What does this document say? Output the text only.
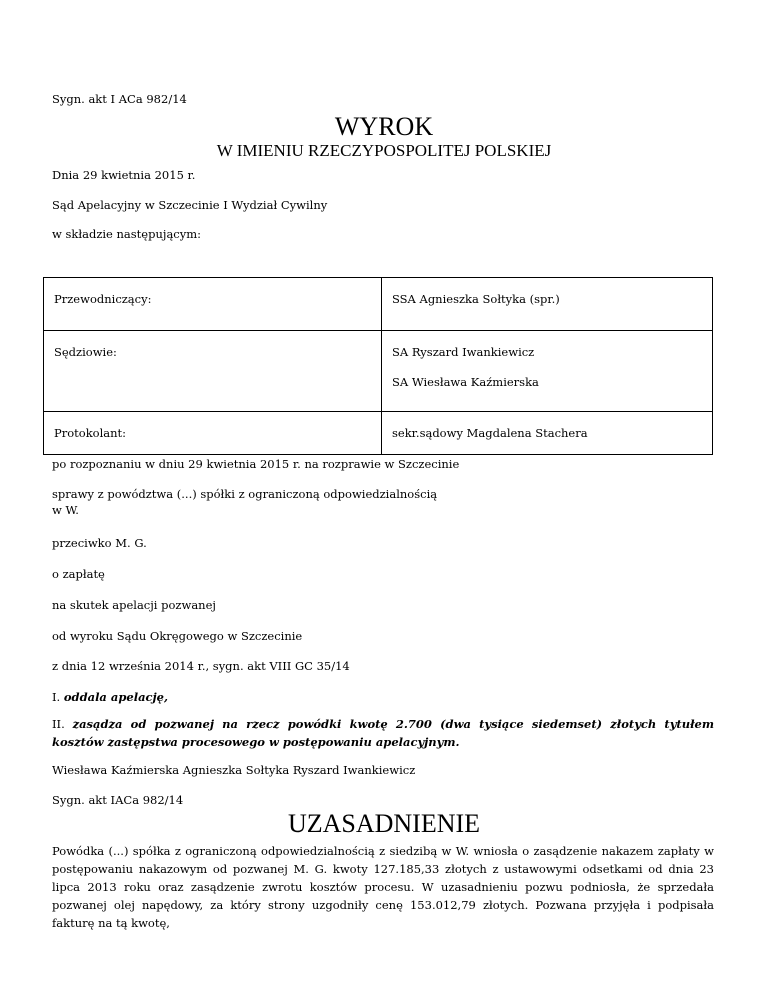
Sygn. akt I ACa 982/14
WYROK
W IMIENIU RZECZYPOSPOLITEJ POLSKIEJ
Dnia 29 kwietnia 2015 r.
Sąd Apelacyjny w Szczecinie I Wydział Cywilny
w składzie następującym:
Przewodniczący:	SSA Agnieszka Sołtyka (spr.)

Sędziowie:	SA Ryszard Iwankiewicz
SA Wiesława Kaźmierska

Protokolant:	sekr.sądowy Magdalena Stachera
po rozpoznaniu w dniu 29 kwietnia 2015 r. na rozprawie w Szczecinie
sprawy z powództwa (...) spółki z ograniczoną odpowiedzialnością
w W.
przeciwko M. G.
o zapłatę
na skutek apelacji pozwanej
od wyroku Sądu Okręgowego w Szczecinie
z dnia 12 września 2014 r., sygn. akt VIII GC 35/14
I. oddala apelację,
II. zasądza od pozwanej na rzecz powódki kwotę 2.700 (dwa tysiące siedemset) złotych tytułem kosztów zastępstwa procesowego w postępowaniu apelacyjnym.
Wiesława Kaźmierska Agnieszka Sołtyka Ryszard Iwankiewicz
Sygn. akt IACa 982/14
UZASADNIENIE
Powódka (...) spółka z ograniczoną odpowiedzialnością z siedzibą w W. wniosła o zasądzenie nakazem zapłaty w postępowaniu nakazowym od pozwanej M. G. kwoty 127.185,33 złotych z ustawowymi odsetkami od dnia 23 lipca 2013 roku oraz zasądzenie zwrotu kosztów procesu. W uzasadnieniu pozwu podniosła, że sprzedała pozwanej olej napędowy, za który strony uzgodniły cenę 153.012,79 złotych. Pozwana przyjęła i podpisała fakturę na tą kwotę,
